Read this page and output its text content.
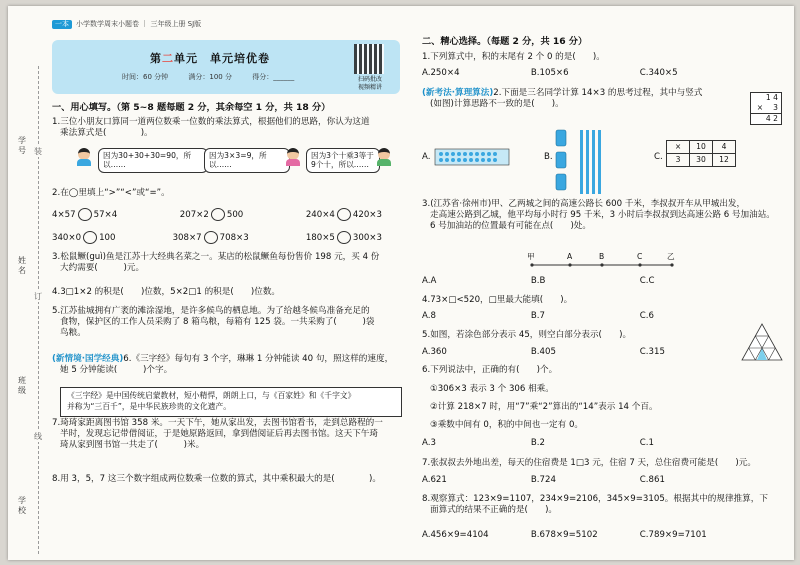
学号
姓名
班级
学校
装
订
线
一本 小学数学周末小题卷 ｜ 三年级上册 SJ版
第二单元　单元培优卷
时间：60 分钟	满分：100 分	得分：______	扫码批改
视频精讲
一、用心填写。（第 5~8 题每题 2 分，其余每空 1 分，共 18 分）

1.三位小朋友口算同一道两位数乘一位数的乘法算式，根据他们的思路，你认为这道

乘法算式是(　　　　)。

因为30+30+30=90，所以……
因为3×3=9，所以……
因为3个十乘3等于9个十，所以……
2.在◯里填上“>”“<”或“=”。
4×57 57×4	207×2 500	240×4 420×3
340×0 100	308×7 708×3	180×5 300×3

3.松鼠鳜(guì)鱼是江苏十大经典名菜之一。某店的松鼠鳜鱼每份售价 198 元，买 4 份

大约需要(　　　)元。

4.3□1×2 的积是(　　)位数，5×2□1 的积是(　　)位数。

5.江苏盐城拥有广袤的滩涂湿地，是许多候鸟的栖息地。为了给越冬候鸟准备充足的

食物，保护区的工作人员采购了 8 箱鸟粮，每箱有 125 袋。一共采购了(　　　)袋

鸟粮。

(新情境·国学经典)6.《三字经》每句有 3 个字，琳琳 1 分钟能读 40 句，照这样的速度，

她 5 分钟能读(　　　)个字。

《三字经》是中国传统启蒙教材，短小精悍，朗朗上口，与《百家姓》和《千字文》
并称为“三百千”，是中华民族珍贵的文化遗产。

7.琦琦家距离图书馆 358 米。一天下午，她从家出发，去图书馆看书，走到总路程的一

半时，发现忘记带借阅证，于是她原路返回，拿到借阅证后再去图书馆。这天下午琦

琦从家到图书馆一共走了(　　　)米。

8.用 3，5，7 这三个数字组成两位数乘一位数的算式，其中乘积最大的是(　　　　)。
二、精心选择。（每题 2 分，共 16 分）
1.下列算式中，积的末尾有 2 个 0 的是(　　)。
A.250×4	B.105×6	C.340×5

(新考法·算理算法)2.下面是三名同学计算 14×3 的思考过程，其中与竖式

(如图)计算思路不一致的是(　　)。

1 4
× 　3
4 2
A.	B.	C.
×	10	4
3	30	12

3.(江苏省·徐州市)甲、乙两城之间的高速公路长 600 千米，李叔叔开车从甲城出发，

走高速公路到乙城，他平均每小时行 95 千米，3 小时后李叔叔到达高速公路 6 号加油站。

6 号加油站的位置最有可能在点(　　)处。

甲	A	B	C	乙
A.A	B.B	C.C
4.73×□<520，□里最大能填(　　)。
A.8	B.7	C.6
5.如图，若涂色部分表示 45，则空白部分表示(　　)。
A.360	B.405	C.315
6.下列说法中，正确的有(　　)个。
①306×3 表示 3 个 306 相乘。
②计算 218×7 时，用“7”乘“2”算出的“14”表示 14 个百。
③乘数中间有 0，积的中间也一定有 0。
A.3	B.2	C.1
7.张叔叔去外地出差，每天的住宿费是 1□3 元，住宿 7 天，总住宿费可能是(　　)元。
A.621	B.724	C.861

8.观察算式：123×9=1107，234×9=2106，345×9=3105。根据其中的规律推算，下

面算式的结果不正确的是(　　)。

A.456×9=4104	B.678×9=5102	C.789×9=7101
